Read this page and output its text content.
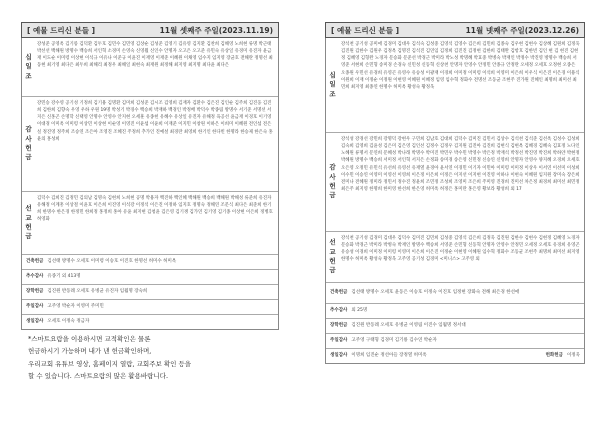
[ 예물 드리신 분들 ]	11월 셋째주 주일(2023.11.19)
십
일
조
강성준 공영옥 김기룡 김덕환 김두호 김민수 김민영 김상순 김성준 김영기 김유영 김지환 김찬희 김해영 노희현 류명 박근태 박선선 백해원 방명수 백승희 서인혁 소경미 손영숙 신영월 신인수 안명자 오고은 오고준 유민숙 유상일 유경미 유진자 윤금재 이도순 이미령 이상현 이석규 이유나 이준규 이윤진 이재영 이재준 이혜원 이채영 임수지 임지영 장균호 전해란 정명선 최동현 최기영 최다은 최두희 최해리 최정우 최해일 최현숙 최재원 최정해 최지영 최지명 최다윤 최다은
감
사
헌
금
강민승 강수영 공기성 기정희 김기용 김명환 김미희 김성준 김시조 김영희 김재자 김환수 김은진 김인순 김주희 김진웅 김진희 김한희 김향숙 우영 우하 우원 19명 박성기 박경수 백승희 박재하 백경인 박정배 박덕수 박종림 방명수 서기준 서명선 서지은 신홍곤 손명학 신택영 안명수 안영수 안지현 오세훈 유종헌 유혜수 유상일 유진자 유해정 육공선 윤금재 이경호 이기영 이대경 이미옥 이미령 이상민 이상현 이순영 이영진 이윤섭 이윤희 이재준 이지민 이창원 이하은 이희미 이혜원 전인섭 전은실 정진영 정주희 조승연 조은아 조영진 조혜진 주정희 추가인 진예설 최경란 최영희 한기인 한다빈 한명라 한승제 한은숙 홍윤의 홍성희
선
교
헌
금
김덕수 김희진 김정민 김의남 김명숙 김현희 노희현 공명 박용자 백진하 백인혜 백해원 백승희 백해원 박해성 류준희 유진자 유해정 이계흥 이상철 이윤호 이은희 이진영 이석강 이정석 이은진 이정하 임지호 정명숙 정해연 조문식 최다은 최준희 한기희 한명수 한은경 한정민 한희정 홍정희 홍아 유윤 최지현 김청윤 김은영 김기쟁 김가연 김기영 김기종 이상현 이은희 정병호 허영화
건축헌금 김선태 방명수 오세호 이미령 이승호 이진호 한명선 허미수 허미옥
추수감사 유종기 외 413명
장학헌금 김진원 반동례 오세호 유병균 유진자 임월명 장숙희
주일감사 고주영 박순자 이영미 주미민
생일감사 오세호 이정숙 정금자
[ 예물 드리신 분들 ]	11월 넷째주 주일(2023.12.26)
십
일
조
강석천 공기성 공미애 김경미 김대우 김석숙 김성중 김영석 김영수 김은희 김민희 김종숙 김우현 김현수 김상혜 김원희 김정욱 김진원 김한수 김원우 김정옥 김명진 김석진 김연임 김정희 김진진 김정현 김한희 김태완 김항호 김한빈 김인 현 김 현진 김현정 김혜영 김형완 노경자 문승화 문준선 박경근 박미라 박노성 박명혜 박효중 박병숙 박재인 박정수 박진영 방명수 백승희 서영준 서현희 손민형 송미경 손경숙 신민성 신동혁 신상천 안명자 안영수 안정민 안종규 안정란 오세정 오세호 오정현 오종은 오종원 우민선 유경희 유영곤 유영수 유승성 이광재 이경희 이미정 이미령 이석희 이영미 이은희 이우식 이은진 이은경 이용식 이원희 이재 이정순 이정원 이현영 이혜원 이혜정 임영 임수혁 정화수 전명선 조동균 조현주 진가원 진혜인 최명희 최미선 최민희 최지영 최종연 한명수 허미옥 황성숙 황정욱
감
사
헌
금
강석성 강경선 강민희 강명덕 강현우 구민희 김남호 김대희 김덕수 김미진 김민서 김상수 김석천 김석준 김선옥 김성수 김성희 김숙희 김영희 김윤성 김은미 김은영 김인선 김정수 김정우 김지원 김진아 김진희 김현식 김현옥 김혜경 김혜숙 김효정 노다인 노혜원 류명서 문연희 문혜성 박나래 박명수 박미진 박민우 박수민 박영수 박은정 박재석 박정선 박진영 박진희 박하얀 박현정 박혜원 방명수 백승희 서미정 서인혁 서지은 손정화 송미경 송은영 신민정 신승연 신영희 안명자 안영수 양지혜 오경희 오세호 오은영 오정민 유민석 유선희 유영선 유재열 윤경아 윤서연 이경민 이기자 이민아 이미령 이미정 이상우 이서연 이선미 이성희 이수민 이승연 이영미 이영선 이영희 이은정 이은희 이정은 이지선 이지현 이진영 이하나 이현숙 이혜원 임지원 장미숙 장은희 전미나 전혜원 정미라 정민서 정수진 정윤희 조민정 조성희 조영미 조은희 주미영 진경희 진미선 차은정 최경희 최미선 최민정 최은주 최지영 한명희 한미영 한선희 한은영 허미옥 허정은 홍미란 홍은영 황보라 황성희 외 17
선
교
헌
금
강석천 공기성 김경미 김대우 김덕수 김미진 김민희 김성중 김영석 김은희 김정욱 김진원 김한수 김현수 김현정 김혜영 노경자 문승화 박경근 박미라 박병숙 박재인 방명수 백승희 서영준 손민형 신동혁 안명자 안영수 안정민 오세정 오세호 유경희 유영곤 유승성 이경희 이미정 이미령 이영미 이은희 이은진 이정순 이현영 이혜원 임수혁 정화수 조동균 조현주 최명희 최미선 최지영 한명수 허미옥 황성숙 황정욱 고주영 공기성 김경미 <미니스> 고주영 외
건축헌금 김선태 방명수 오세호 윤동은 이승호 이정숙 이진호 임정현 장화숙 전해 최은경 한선애
추수감사 외 25명
장학헌금 김진원 반동례 오세호 유병균 이영림 이진수 임월명 정서대
주일감사 고주영 구태형 김경미 김기룡 김수연 박순자
생일감사 이명희 임진순 정선아들 장정열 허미옥	헌화헌금 이정욱

*스마트요람을 이용하시면 교적확인은 물론

헌금하시기 가능하며 내가 낸 헌금확인하며,

우리교회 유튜브 영상, 홈페이지 열람, 교회주보 확인 등을

할 수 있습니다. 스마트요람의 많은 활용바랍니다.
